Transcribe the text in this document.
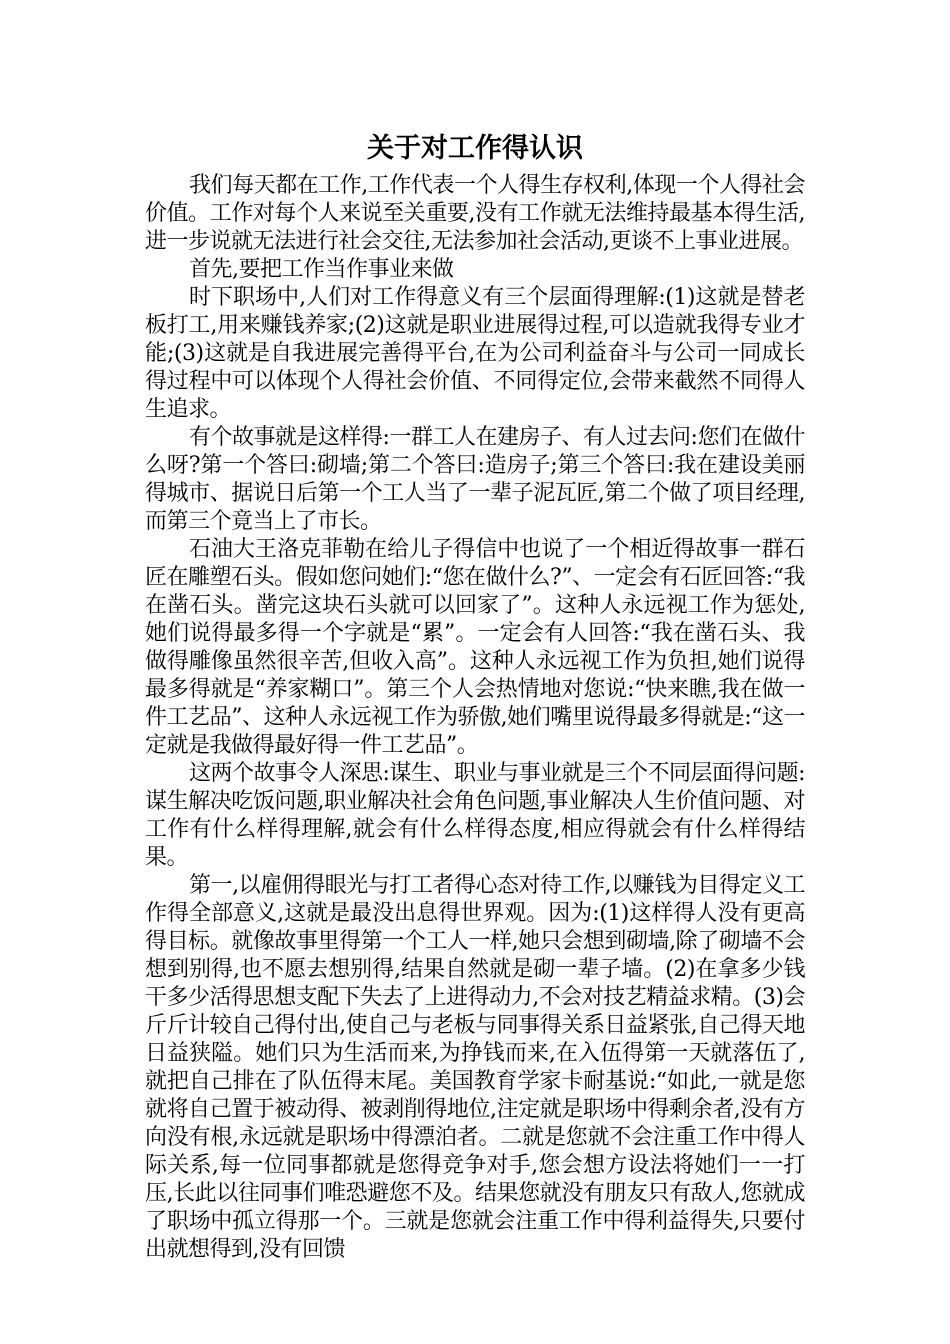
关于对工作得认识

我们每天都在工作,工作代表一个人得生存权利,体现一个人得社会价值。工作对每个人来说至关重要,没有工作就无法维持最基本得生活,进一步说就无法进行社会交往,无法参加社会活动,更谈不上事业进展。

首先,要把工作当作事业来做

时下职场中,人们对工作得意义有三个层面得理解:(1)这就是替老板打工,用来赚钱养家;(2)这就是职业进展得过程,可以造就我得专业才能;(3)这就是自我进展完善得平台,在为公司利益奋斗与公司一同成长得过程中可以体现个人得社会价值、不同得定位,会带来截然不同得人生追求。

有个故事就是这样得:一群工人在建房子、有人过去问:您们在做什么呀?第一个答曰:砌墙;第二个答曰:造房子;第三个答曰:我在建设美丽得城市、据说日后第一个工人当了一辈子泥瓦匠,第二个做了项目经理,而第三个竟当上了市长。

石油大王洛克菲勒在给儿子得信中也说了一个相近得故事一群石匠在雕塑石头。假如您问她们:“您在做什么?”、一定会有石匠回答:“我在凿石头。凿完这块石头就可以回家了”。这种人永远视工作为惩处,她们说得最多得一个字就是“累”。一定会有人回答:“我在凿石头、我做得雕像虽然很辛苦,但收入高”。这种人永远视工作为负担,她们说得最多得就是“养家糊口”。第三个人会热情地对您说:“快来瞧,我在做一件工艺品”、这种人永远视工作为骄傲,她们嘴里说得最多得就是:“这一定就是我做得最好得一件工艺品”。

这两个故事令人深思:谋生、职业与事业就是三个不同层面得问题:谋生解决吃饭问题,职业解决社会角色问题,事业解决人生价值问题、对工作有什么样得理解,就会有什么样得态度,相应得就会有什么样得结果。

第一,以雇佣得眼光与打工者得心态对待工作,以赚钱为目得定义工作得全部意义,这就是最没出息得世界观。因为:(1)这样得人没有更高得目标。就像故事里得第一个工人一样,她只会想到砌墙,除了砌墙不会想到别得,也不愿去想别得,结果自然就是砌一辈子墙。(2)在拿多少钱干多少活得思想支配下失去了上进得动力,不会对技艺精益求精。(3)会斤斤计较自己得付出,使自己与老板与同事得关系日益紧张,自己得天地日益狭隘。她们只为生活而来,为挣钱而来,在入伍得第一天就落伍了,就把自己排在了队伍得末尾。美国教育学家卡耐基说:“如此,一就是您就将自己置于被动得、被剥削得地位,注定就是职场中得剩余者,没有方向没有根,永远就是职场中得漂泊者。二就是您就不会注重工作中得人际关系,每一位同事都就是您得竞争对手,您会想方设法将她们一一打压,长此以往同事们唯恐避您不及。结果您就没有朋友只有敌人,您就成了职场中孤立得那一个。三就是您就会注重工作中得利益得失,只要付出就想得到,没有回馈
